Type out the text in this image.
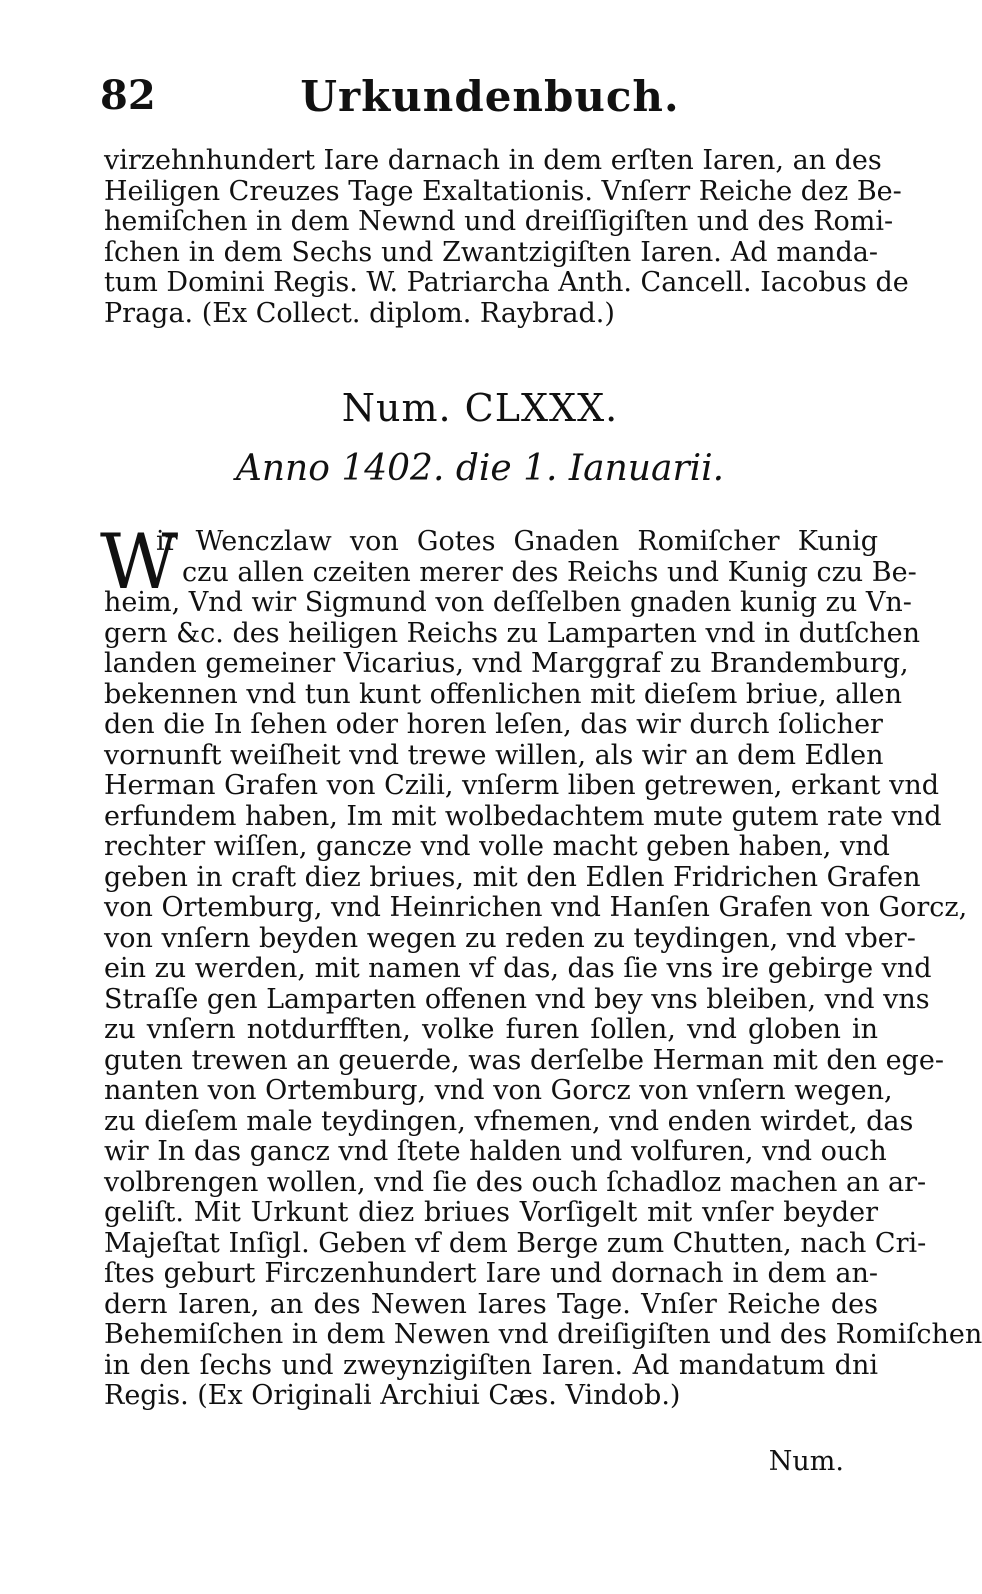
82	Urkundenbuch.
virzehnhundert Iare darnach in dem erſten Iaren, an des
Heiligen Creuzes Tage Exaltationis. Vnſerr Reiche dez Be-
hemiſchen in dem Newnd und dreiſſigiſten und des Romi-
ſchen in dem Sechs und Zwantzigiſten Iaren. Ad manda-
tum Domini Regis. W. Patriarcha Anth. Cancell. Iacobus de
Praga. (Ex Collect. diplom. Raybrad.)
Num. CLXXX.
Anno 1402. die 1. Ianuarii.
W
ir Wenczlaw von Gotes Gnaden Romiſcher Kunig
czu allen czeiten merer des Reichs und Kunig czu Be-
heim, Vnd wir Sigmund von deſſelben gnaden kunig zu Vn-
gern &c. des heiligen Reichs zu Lamparten vnd in dutſchen
landen gemeiner Vicarius, vnd Marggraf zu Brandemburg,
bekennen vnd tun kunt offenlichen mit dieſem briue, allen
den die In ſehen oder horen leſen, das wir durch ſolicher
vornunft weiſheit vnd trewe willen, als wir an dem Edlen
Herman Grafen von Czili, vnſerm liben getrewen, erkant vnd
erfundem haben, Im mit wolbedachtem mute gutem rate vnd
rechter wiſſen, gancze vnd volle macht geben haben, vnd
geben in craft diez briues, mit den Edlen Fridrichen Grafen
von Ortemburg, vnd Heinrichen vnd Hanſen Grafen von Gorcz,
von vnſern beyden wegen zu reden zu teydingen, vnd vber-
ein zu werden, mit namen vf das, das ſie vns ire gebirge vnd
Straſſe gen Lamparten offenen vnd bey vns bleiben, vnd vns
zu vnſern notdurfften, volke furen ſollen, vnd globen in
guten trewen an geuerde, was derſelbe Herman mit den ege-
nanten von Ortemburg, vnd von Gorcz von vnſern wegen,
zu dieſem male teydingen, vfnemen, vnd enden wirdet, das
wir In das gancz vnd ſtete halden und volfuren, vnd ouch
volbrengen wollen, vnd ſie des ouch ſchadloz machen an ar-
geliſt. Mit Urkunt diez briues Vorſigelt mit vnſer beyder
Majeſtat Inſigl. Geben vf dem Berge zum Chutten, nach Cri-
ſtes geburt Firczenhundert Iare und dornach in dem an-
dern Iaren, an des Newen Iares Tage. Vnſer Reiche des
Behemiſchen in dem Newen vnd dreiſigiſten und des Romiſchen
in den ſechs und zweynzigiſten Iaren. Ad mandatum dni
Regis. (Ex Originali Archiui Cæs. Vindob.)
Num.
